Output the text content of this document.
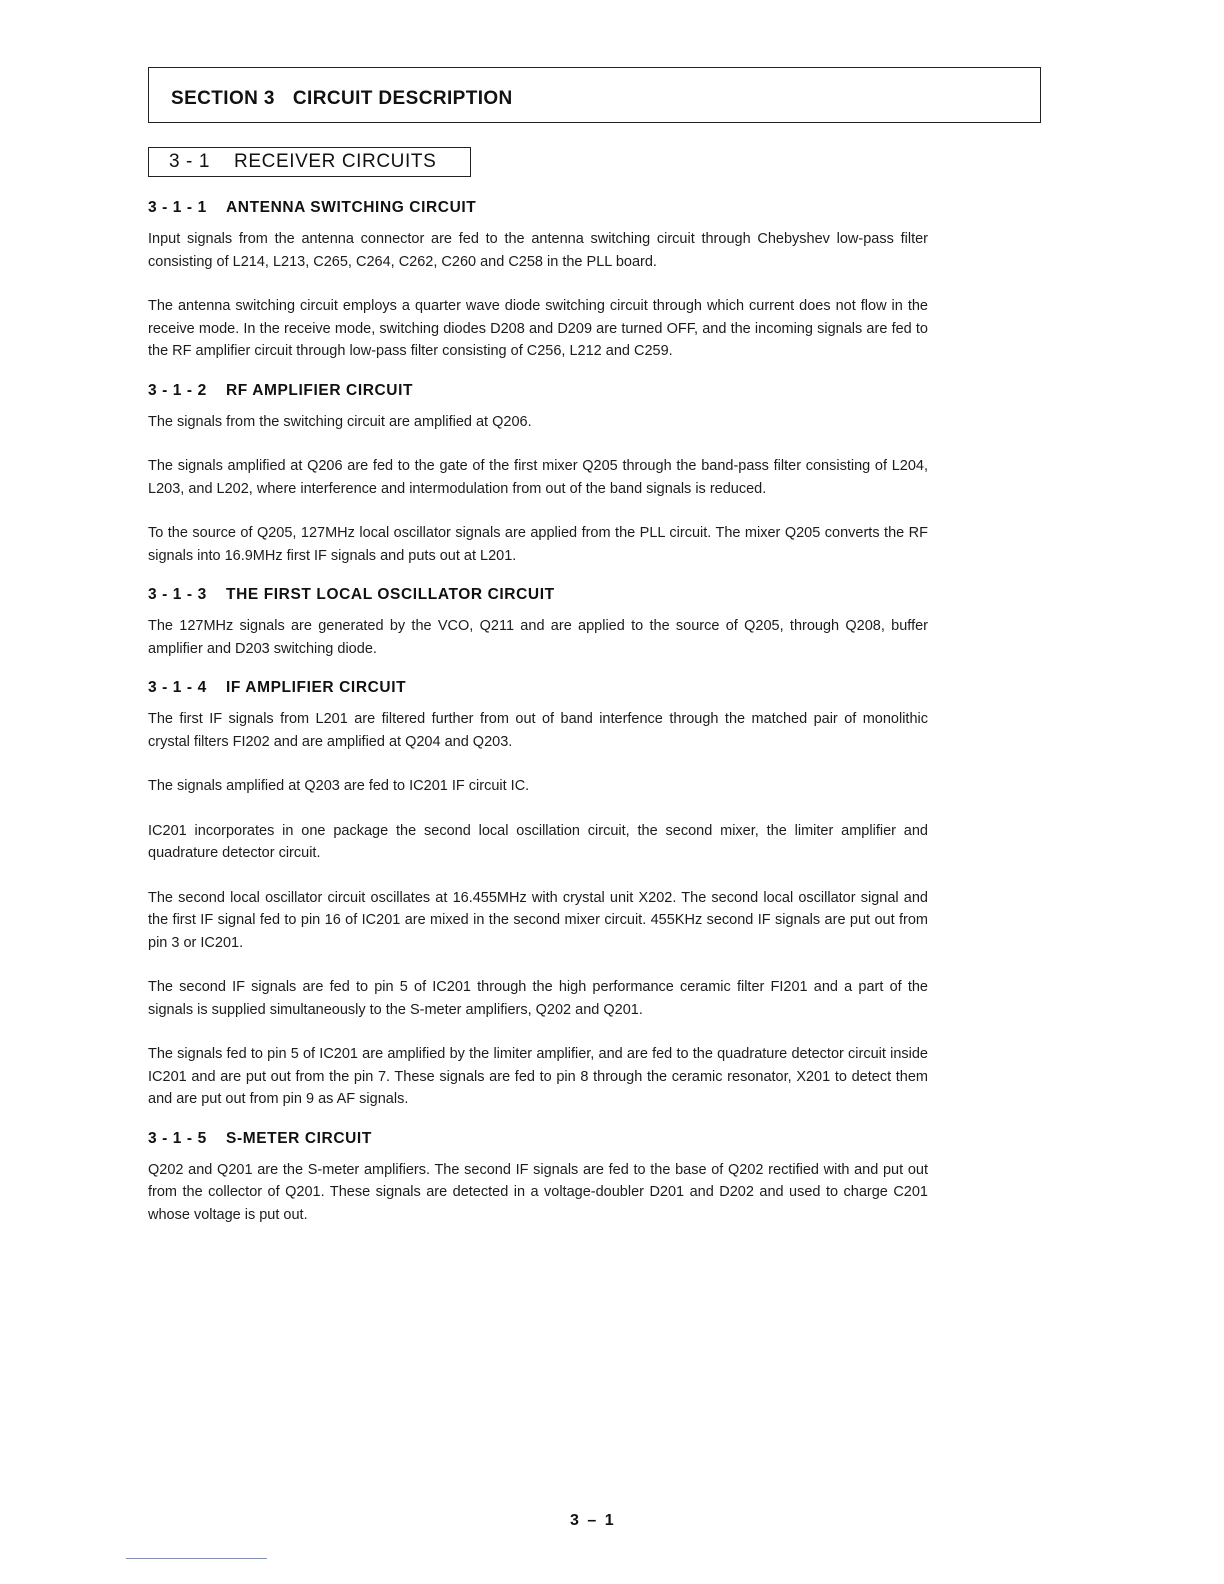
SECTION 3 CIRCUIT DESCRIPTION
3 - 1 RECEIVER CIRCUITS
3 - 1 - 1 ANTENNA SWITCHING CIRCUIT

Input signals from the antenna connector are fed to the antenna switching circuit through Chebyshev low-pass filter consisting of L214, L213, C265, C264, C262, C260 and C258 in the PLL board.

The antenna switching circuit employs a quarter wave diode switching circuit through which current does not flow in the receive mode. In the receive mode, switching diodes D208 and D209 are turned OFF, and the incoming signals are fed to the RF amplifier circuit through low-pass filter consisting of C256, L212 and C259.

3 - 1 - 2 RF AMPLIFIER CIRCUIT

The signals from the switching circuit are amplified at Q206.

The signals amplified at Q206 are fed to the gate of the first mixer Q205 through the band-pass filter consisting of L204, L203, and L202, where interference and intermodulation from out of the band signals is reduced.

To the source of Q205, 127MHz local oscillator signals are applied from the PLL circuit. The mixer Q205 converts the RF signals into 16.9MHz first IF signals and puts out at L201.

3 - 1 - 3 THE FIRST LOCAL OSCILLATOR CIRCUIT

The 127MHz signals are generated by the VCO, Q211 and are applied to the source of Q205, through Q208, buffer amplifier and D203 switching diode.

3 - 1 - 4 IF AMPLIFIER CIRCUIT

The first IF signals from L201 are filtered further from out of band interfence through the matched pair of monolithic crystal filters FI202 and are amplified at Q204 and Q203.

The signals amplified at Q203 are fed to IC201 IF circuit IC.

IC201 incorporates in one package the second local oscillation circuit, the second mixer, the limiter amplifier and quadrature detector circuit.

The second local oscillator circuit oscillates at 16.455MHz with crystal unit X202. The second local oscillator signal and the first IF signal fed to pin 16 of IC201 are mixed in the second mixer circuit. 455KHz second IF signals are put out from pin 3 or IC201.

The second IF signals are fed to pin 5 of IC201 through the high performance ceramic filter FI201 and a part of the signals is supplied simultaneously to the S-meter amplifiers, Q202 and Q201.

The signals fed to pin 5 of IC201 are amplified by the limiter amplifier, and are fed to the quadrature detector circuit inside IC201 and are put out from the pin 7. These signals are fed to pin 8 through the ceramic resonator, X201 to detect them and are put out from pin 9 as AF signals.

3 - 1 - 5 S-METER CIRCUIT

Q202 and Q201 are the S-meter amplifiers. The second IF signals are fed to the base of Q202 rectified with and put out from the collector of Q201. These signals are detected in a voltage-doubler D201 and D202 and used to charge C201 whose voltage is put out.

3 – 1
